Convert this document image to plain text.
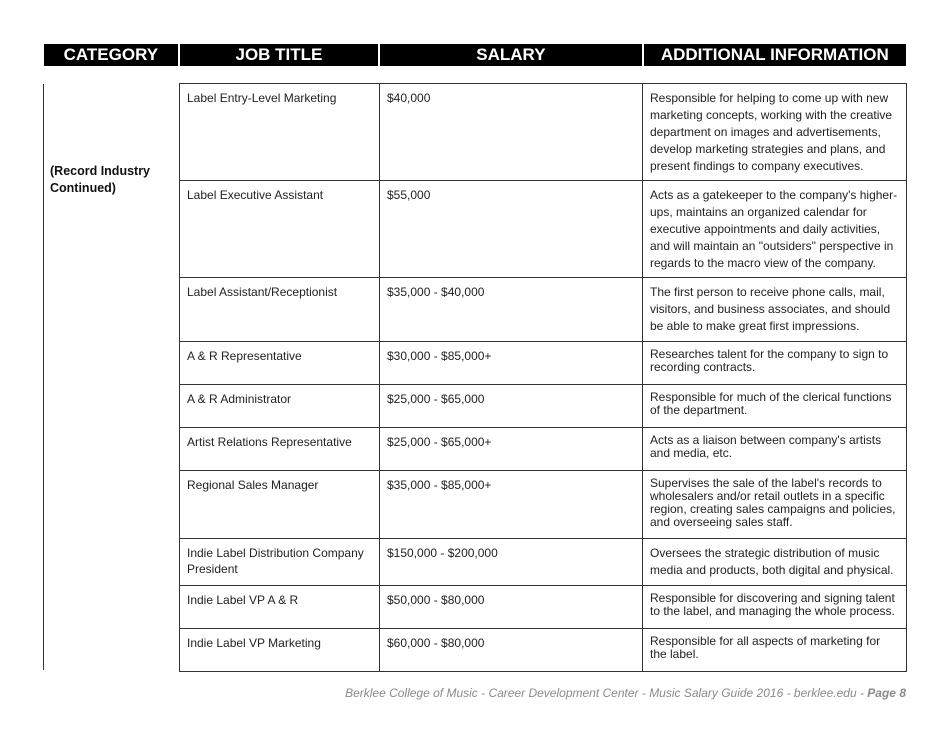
CATEGORY	JOB TITLE	SALARY	ADDITIONAL INFORMATION
(Record Industry
Continued)
Label Entry-Level Marketing	$40,000	Responsible for helping to come up with new marketing concepts, working with the creative department on images and advertisements, develop marketing strategies and plans, and present findings to company executives.
Label Executive Assistant	$55,000	Acts as a gatekeeper to the company's higher-ups, maintains an organized calendar for executive appointments and daily activities, and will maintain an "outsiders" perspective in regards to the macro view of the company.
Label Assistant/Receptionist	$35,000 - $40,000	The first person to receive phone calls, mail, visitors, and business associates, and should be able to make great first impressions.
A & R Representative	$30,000 - $85,000+	Researches talent for the company to sign to recording contracts.
A & R Administrator	$25,000 - $65,000	Responsible for much of the clerical functions of the department.
Artist Relations Representative	$25,000 - $65,000+	Acts as a liaison between company's artists and media, etc.
Regional Sales Manager	$35,000 - $85,000+	Supervises the sale of the label's records to wholesalers and/or retail outlets in a specific region, creating sales campaigns and policies, and overseeing sales staff.
Indie Label Distribution Company President	$150,000 - $200,000	Oversees the strategic distribution of music media and products, both digital and physical.
Indie Label VP A & R	$50,000 - $80,000	Responsible for discovering and signing talent to the label, and managing the whole process.
Indie Label VP Marketing	$60,000 - $80,000	Responsible for all aspects of marketing for the label.
Berklee College of Music - Career Development Center - Music Salary Guide 2016 - berklee.edu - Page 8
